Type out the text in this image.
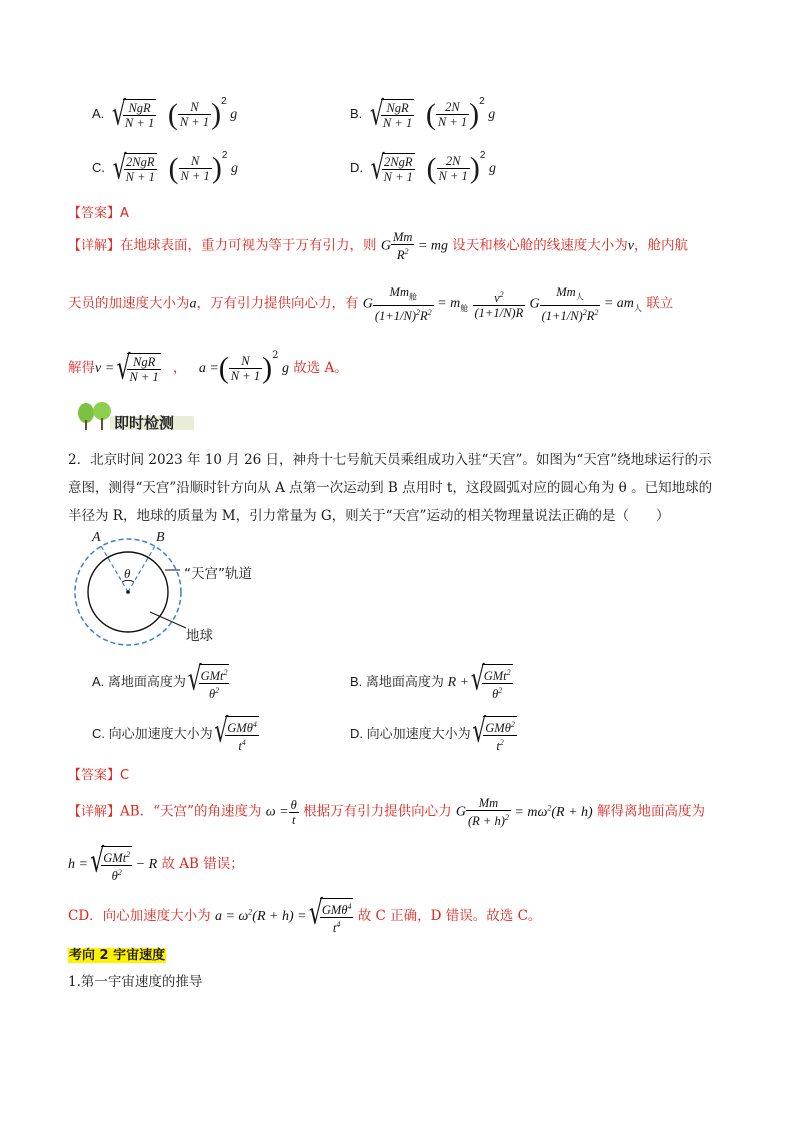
A. √ $\frac{\text{NgR}}{N + 1}$ ( $\frac{N}{N + 1} )^2$ g	B. √ $\frac{\text{NgR}}{N + 1}$ ( $\frac{2N}{N + 1} )^2$ g
C. √ $\frac{\text{2NgR}}{N + 1}$ ( $\frac{N}{N + 1} )^2$ g	D. √ $\frac{\text{2NgR}}{N + 1}$ ( $\frac{2N}{N + 1} )^2$ g
【答案】A
【详解】在地球表面，重力可视为等于万有引力，则 G $\frac{Mm}{R^2}$ = mg 设天和核心舱的线速度大小为v，舱内航
天员的加速度大小为a，万有引力提供向心力，有 G $\frac{Mm_舱}{(1+1/N)^2R^2} = m_舱 \frac{v^2}{(1+1/N)R}$ G $\frac{Mm_人}{(1+1/N)^2R^2} = am_人$ 联立
解得v = √ $\frac{\text{NgR}}{N + 1}$ ， a =( $\frac{N}{N + 1} )^2$ g 故选 A。
即时检测
2．北京时间 2023 年 10 月 26 日，神舟十七号航天员乘组成功入驻“天宫”。如图为“天宫”绕地球运行的示
意图，测得“天宫”沿顺时针方向从 A 点第一次运动到 B 点用时 t，这段圆弧对应的圆心角为 θ 。已知地球的
半径为 R，地球的质量为 M，引力常量为 G，则关于“天宫”运动的相关物理量说法正确的是（　　）
A	B
θ	“天宫”轨道
地球
A. 离地面高度为 √ $\frac{GMt^2}{\theta^2}$	B. 离地面高度为 R + √ $\frac{GMt^2}{\theta^2}$
C. 向心加速度大小为 √ $\frac{GM\theta^4}{t^4}$	D. 向心加速度大小为 √ $\frac{GM\theta^2}{t^2}$
【答案】C
【详解】AB．“天宫”的角速度为 $\omega = \frac{\theta}{t}$ 根据万有引力提供向心力 G $\frac{Mm}{(R + h)^2} = m\omega^2(R + h)$ 解得离地面高度为
h = √ $\frac{GMt^2}{\theta^2} - R$ 故 AB 错误；
CD．向心加速度大小为 $a = \omega^2(R + h)$ = √ $\frac{GM\theta^4}{t^4}$ 故 C 正确，D 错误。故选 C。
考向 2 宇宙速度
1.第一宇宙速度的推导
